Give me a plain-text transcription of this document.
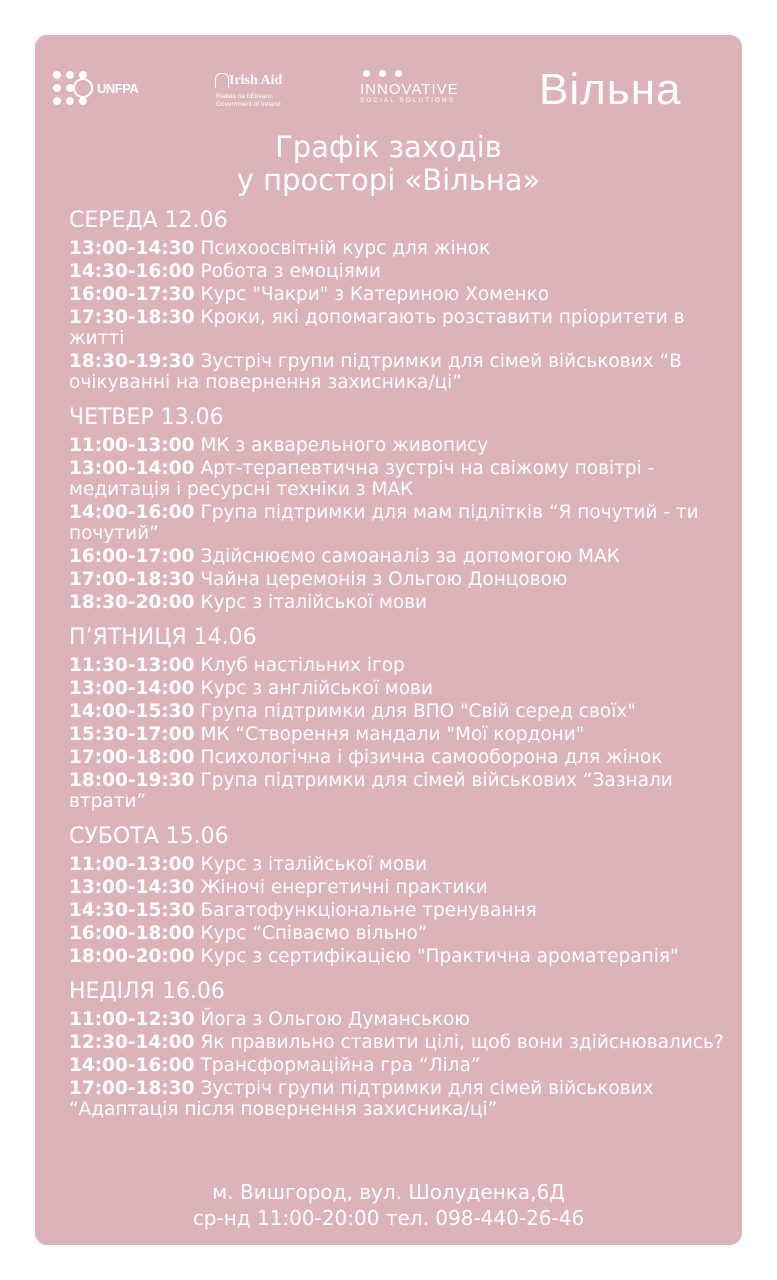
UNFPA	Irish Aid
Rialtas na hÉireann
Government of Ireland
INNOVATIVE
SOCIAL SOLUTIONS Вільна
Графік заходів
у просторі «Вільна»
СЕРЕДА 12.06
13:00-14:30 Психоосвітній курс для жінок
14:30-16:00 Робота з емоціями
16:00-17:30 Курс "Чакри" з Катериною Хоменко
17:30-18:30 Кроки, які допомагають розставити пріоритети в житті
18:30-19:30 Зустріч групи підтримки для сімей військових “В очікуванні на повернення захисника/ці”
ЧЕТВЕР 13.06
11:00-13:00 МК з акварельного живопису
13:00-14:00 Арт-терапевтична зустріч на свіжому повітрі - медитація і ресурсні техніки з МАК
14:00-16:00 Група підтримки для мам підлітків “Я почутий - ти почутий”
16:00-17:00 Здійснюємо самоаналіз за допомогою МАК
17:00-18:30 Чайна церемонія з Ольгою Донцовою
18:30-20:00 Курс з італійської мови
П’ЯТНИЦЯ 14.06
11:30-13:00 Клуб настільних ігор
13:00-14:00 Курс з англійської мови
14:00-15:30 Група підтримки для ВПО "Свій серед своїх"
15:30-17:00 МК “Створення мандали "Мої кордони"
17:00-18:00 Психологічна і фізична самооборона для жінок
18:00-19:30 Група підтримки для сімей військових “Зазнали втрати”
СУБОТА 15.06
11:00-13:00 Курс з італійської мови
13:00-14:30 Жіночі енергетичні практики
14:30-15:30 Багатофункціональне тренування
16:00-18:00 Курс “Співаємо вільно”
18:00-20:00 Курс з сертифікацією "Практична ароматерапія"
НЕДІЛЯ 16.06
11:00-12:30 Йога з Ольгою Думанською
12:30-14:00 Як правильно ставити цілі, щоб вони здійснювались?
14:00-16:00 Трансформаційна гра “Ліла”
17:00-18:30 Зустріч групи підтримки для сімей військових “Адаптація після повернення захисника/ці”
м. Вишгород, вул. Шолуденка,6Д
ср-нд 11:00-20:00 тел. 098-440-26-46
